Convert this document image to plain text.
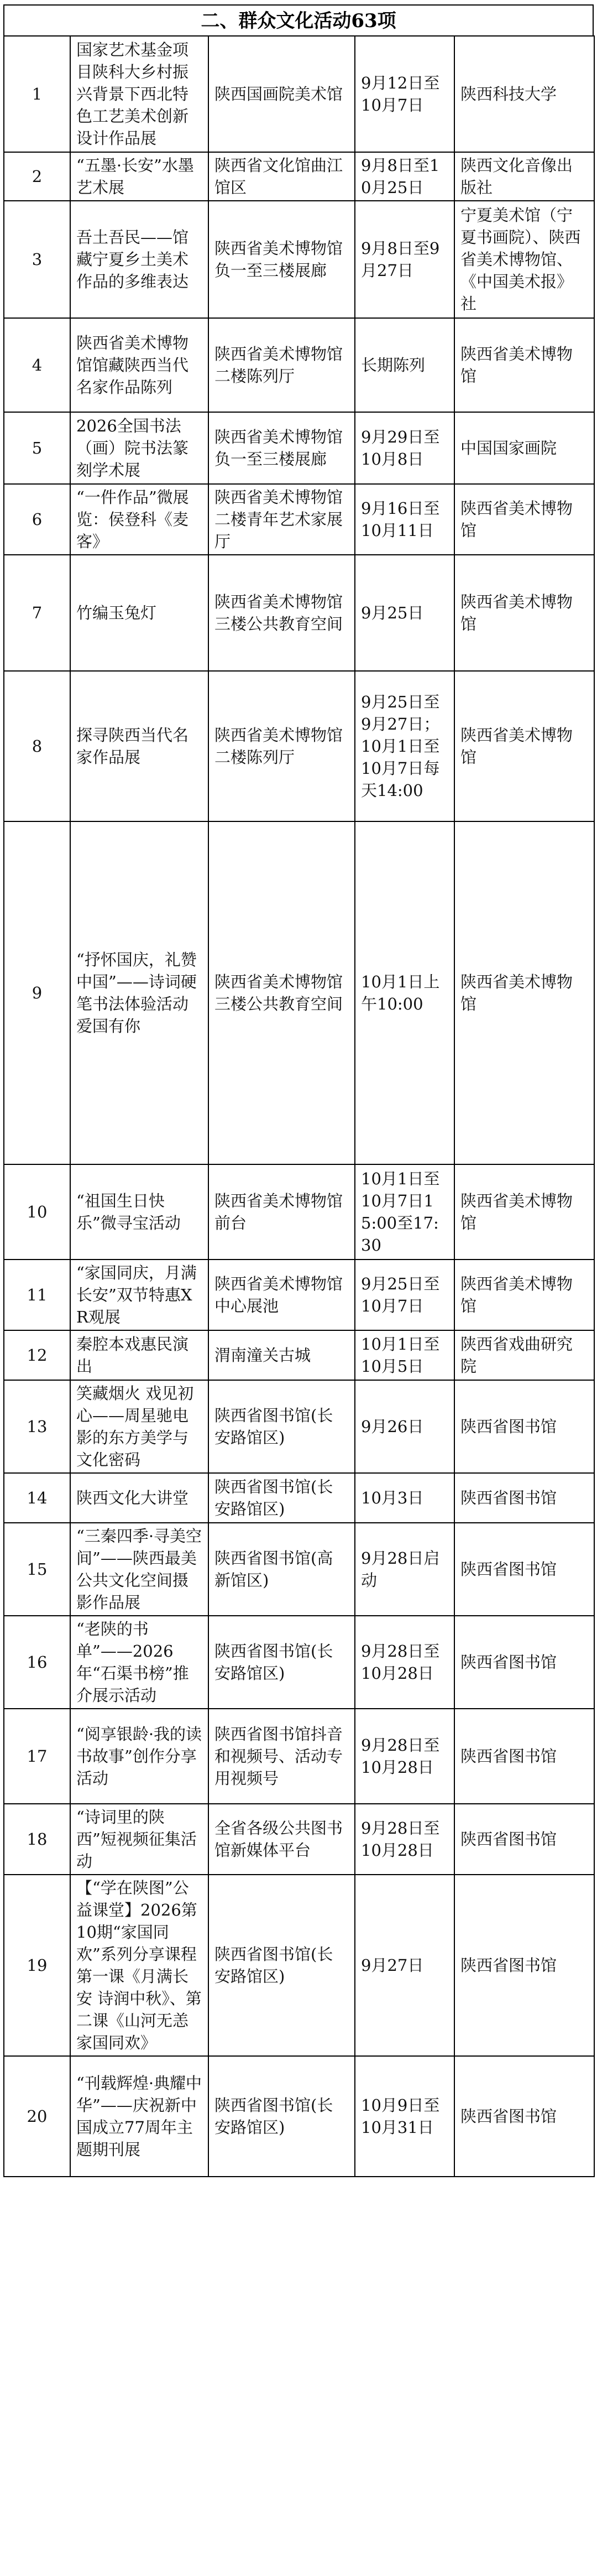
二、群众文化活动63项
1	国家艺术基金项目陕科大乡村振兴背景下西北特色工艺美术创新设计作品展	陕西国画院美术馆	9月12日至10月7日	陕西科技大学
2	“五墨·长安”水墨艺术展	陕西省文化馆曲江馆区	9月8日至10月25日	陕西文化音像出版社
3	吾土吾民——馆藏宁夏乡土美术作品的多维表达	陕西省美术博物馆负一至三楼展廊	9月8日至9月27日	宁夏美术馆（宁夏书画院）、陕西省美术博物馆、《中国美术报》社
4	陕西省美术博物馆馆藏陕西当代名家作品陈列	陕西省美术博物馆二楼陈列厅	长期陈列	陕西省美术博物馆
5	2026全国书法（画）院书法篆刻学术展	陕西省美术博物馆负一至三楼展廊	9月29日至10月8日	中国国家画院
6	“一件作品”微展览：侯登科《麦客》	陕西省美术博物馆二楼青年艺术家展厅	9月16日至10月11日	陕西省美术博物馆
7	竹编玉兔灯	陕西省美术博物馆三楼公共教育空间	9月25日	陕西省美术博物馆
8	探寻陕西当代名家作品展	陕西省美术博物馆二楼陈列厅	9月25日至9月27日；10月1日至10月7日每天14:00	陕西省美术博物馆
9	“抒怀国庆，礼赞中国”——诗词硬笔书法体验活动 爱国有你	陕西省美术博物馆三楼公共教育空间	10月1日上午10:00	陕西省美术博物馆
10	“祖国生日快乐”微寻宝活动	陕西省美术博物馆前台	10月1日至10月7日15:00至17:30	陕西省美术博物馆
11	“家国同庆，月满长安”双节特惠XR观展	陕西省美术博物馆中心展池	9月25日至10月7日	陕西省美术博物馆
12	秦腔本戏惠民演出	渭南潼关古城	10月1日至10月5日	陕西省戏曲研究院
13	笑藏烟火 戏见初心——周星驰电影的东方美学与文化密码	陕西省图书馆(长安路馆区)	9月26日	陕西省图书馆
14	陕西文化大讲堂	陕西省图书馆(长安路馆区)	10月3日	陕西省图书馆
15	“三秦四季·寻美空间”——陕西最美公共文化空间摄影作品展	陕西省图书馆(高新馆区)	9月28日启动	陕西省图书馆
16	“老陕的书单”——2026年“石渠书榜”推介展示活动	陕西省图书馆(长安路馆区)	9月28日至10月28日	陕西省图书馆
17	“阅享银龄·我的读书故事”创作分享活动	陕西省图书馆抖音和视频号、活动专用视频号	9月28日至10月28日	陕西省图书馆
18	“诗词里的陕西”短视频征集活动	全省各级公共图书馆新媒体平台	9月28日至10月28日	陕西省图书馆
19	【“学在陕图”公益课堂】2026第10期“家国同欢”系列分享课程第一课《月满长安 诗润中秋》、第二课《山河无恙 家国同欢》	陕西省图书馆(长安路馆区)	9月27日	陕西省图书馆
20	“刊载辉煌·典耀中华”——庆祝新中国成立77周年主题期刊展	陕西省图书馆(长安路馆区)	10月9日至10月31日	陕西省图书馆
